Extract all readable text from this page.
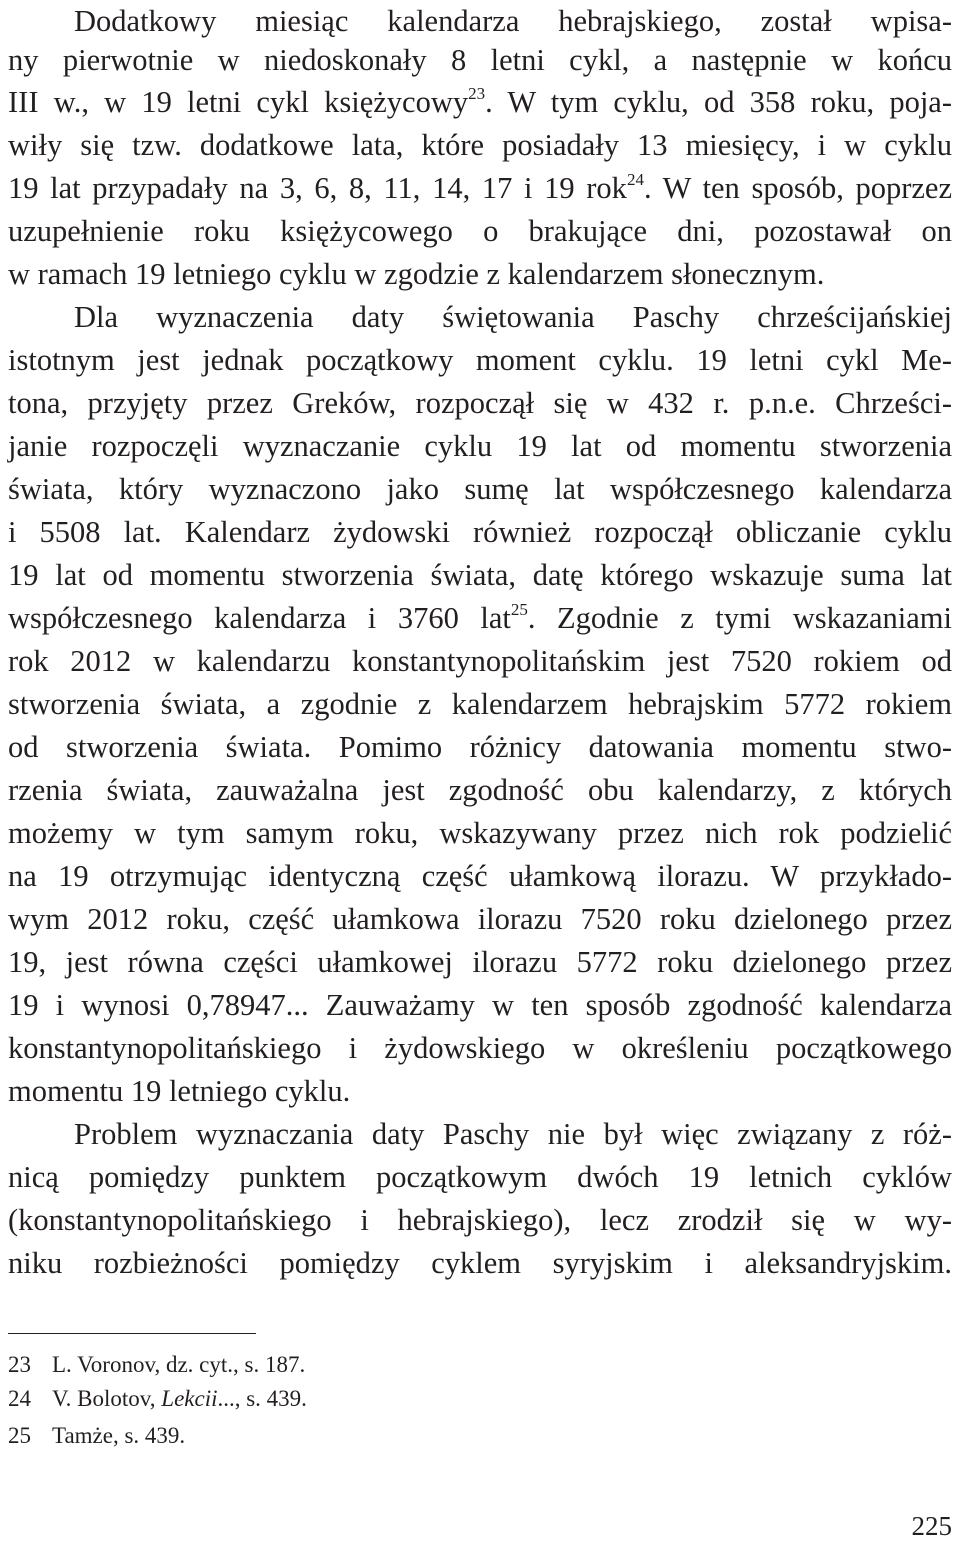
Dodatkowy miesiąc kalendarza hebrajskiego, został wpisa-
ny pierwotnie w niedoskonały 8 letni cykl, a następnie w końcu
III w., w 19 letni cykl księżycowy$^{23}$. W tym cyklu, od 358 roku, poja-
wiły się tzw. dodatkowe lata, które posiadały 13 miesięcy, i w cyklu
19 lat przypadały na 3, 6, 8, 11, 14, 17 i 19 rok$^{24}$. W ten sposób, poprzez
uzupełnienie roku księżycowego o brakujące dni, pozostawał on
w ramach 19 letniego cyklu w zgodzie z kalendarzem słonecznym.
Dla wyznaczenia daty świętowania Paschy chrześcijańskiej
istotnym jest jednak początkowy moment cyklu. 19 letni cykl Me-
tona, przyjęty przez Greków, rozpoczął się w 432 r. p.n.e. Chrześci-
janie rozpoczęli wyznaczanie cyklu 19 lat od momentu stworzenia
świata, który wyznaczono jako sumę lat współczesnego kalendarza
i 5508 lat. Kalendarz żydowski również rozpoczął obliczanie cyklu
19 lat od momentu stworzenia świata, datę którego wskazuje suma lat
współczesnego kalendarza i 3760 lat$^{25}$. Zgodnie z tymi wskazaniami
rok 2012 w kalendarzu konstantynopolitańskim jest 7520 rokiem od
stworzenia świata, a zgodnie z kalendarzem hebrajskim 5772 rokiem
od stworzenia świata. Pomimo różnicy datowania momentu stwo-
rzenia świata, zauważalna jest zgodność obu kalendarzy, z których
możemy w tym samym roku, wskazywany przez nich rok podzielić
na 19 otrzymując identyczną część ułamkową ilorazu. W przykłado-
wym 2012 roku, część ułamkowa ilorazu 7520 roku dzielonego przez
19, jest równa części ułamkowej ilorazu 5772 roku dzielonego przez
19 i wynosi 0,78947... Zauważamy w ten sposób zgodność kalendarza
konstantynopolitańskiego i żydowskiego w określeniu początkowego
momentu 19 letniego cyklu.
Problem wyznaczania daty Paschy nie był więc związany z róż-
nicą pomiędzy punktem początkowym dwóch 19 letnich cyklów
(konstantynopolitańskiego i hebrajskiego), lecz zrodził się w wy-
niku rozbieżności pomiędzy cyklem syryjskim i aleksandryjskim.
23 L. Voronov, dz. cyt., s. 187.
24 V. Bolotov, Lekcii..., s. 439.
25 Tamże, s. 439.
225
